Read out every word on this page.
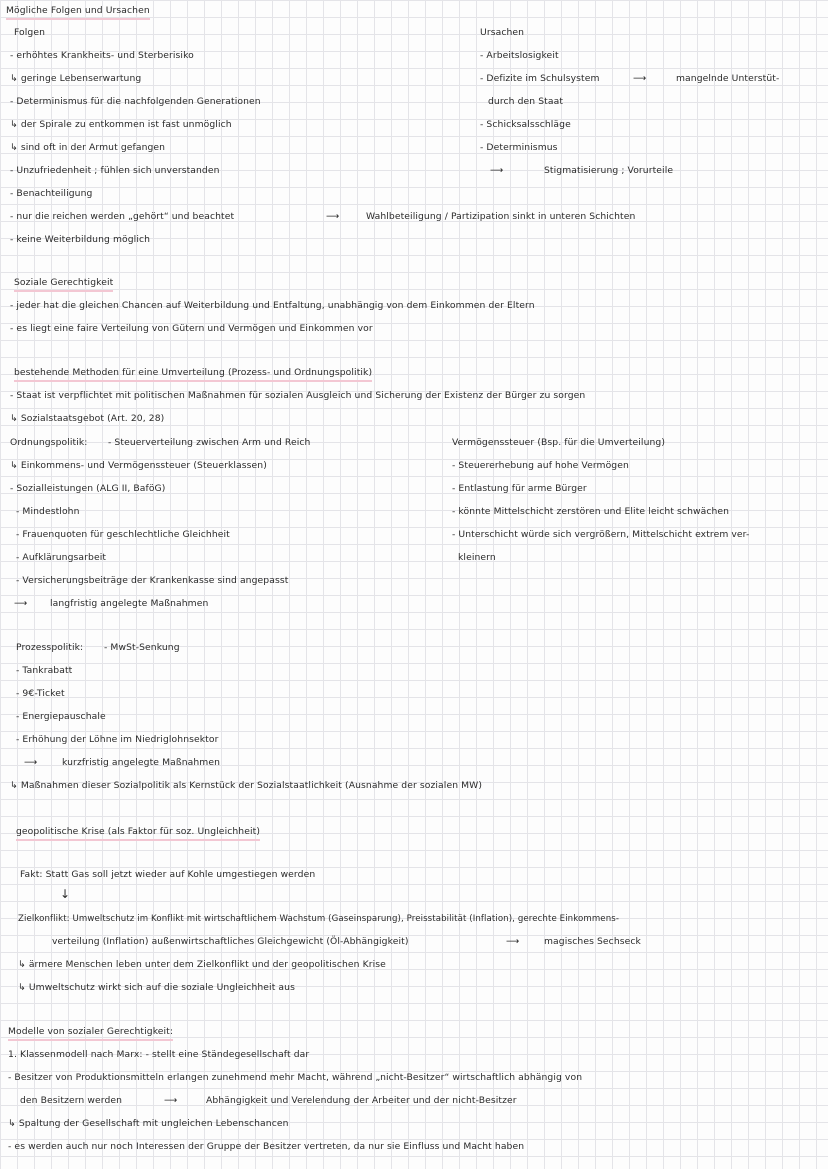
Mögliche Folgen und Ursachen
Folgen
- erhöhtes Krankheits- und Sterberisiko
↳ geringe Lebenserwartung
- Determinismus für die nachfolgenden Generationen
↳ der Spirale zu entkommen ist fast unmöglich
↳ sind oft in der Armut gefangen
- Unzufriedenheit ; fühlen sich unverstanden
- Benachteiligung
- nur die reichen werden „gehört“ und beachtet	⟶	Wahlbeteiligung / Partizipation sinkt in unteren Schichten
- keine Weiterbildung möglich
Ursachen
- Arbeitslosigkeit
- Defizite im Schulsystem	⟶	mangelnde Unterstüt-
durch den Staat
- Schicksalsschläge
- Determinismus
⟶	Stigmatisierung ; Vorurteile
Soziale Gerechtigkeit
- jeder hat die gleichen Chancen auf Weiterbildung und Entfaltung, unabhängig von dem Einkommen der Eltern
- es liegt eine faire Verteilung von Gütern und Vermögen und Einkommen vor
bestehende Methoden für eine Umverteilung (Prozess- und Ordnungspolitik)
- Staat ist verpflichtet mit politischen Maßnahmen für sozialen Ausgleich und Sicherung der Existenz der Bürger zu sorgen
↳ Sozialstaatsgebot (Art. 20, 28)
Ordnungspolitik: - Steuerverteilung zwischen Arm und Reich
↳ Einkommens- und Vermögenssteuer (Steuerklassen)
- Sozialleistungen (ALG II, BaföG)
- Mindestlohn
- Frauenquoten für geschlechtliche Gleichheit
- Aufklärungsarbeit
- Versicherungsbeiträge der Krankenkasse sind angepasst
⟶ langfristig angelegte Maßnahmen
Vermögenssteuer (Bsp. für die Umverteilung)
- Steuererhebung auf hohe Vermögen
- Entlastung für arme Bürger
- könnte Mittelschicht zerstören und Elite leicht schwächen
- Unterschicht würde sich vergrößern, Mittelschicht extrem ver-
kleinern
Prozesspolitik: - MwSt-Senkung
- Tankrabatt
- 9€-Ticket
- Energiepauschale
- Erhöhung der Löhne im Niedriglohnsektor
⟶	kurzfristig angelegte Maßnahmen
↳ Maßnahmen dieser Sozialpolitik als Kernstück der Sozialstaatlichkeit (Ausnahme der sozialen MW)
geopolitische Krise (als Faktor für soz. Ungleichheit)
Fakt: Statt Gas soll jetzt wieder auf Kohle umgestiegen werden
↓
Zielkonflikt: Umweltschutz im Konflikt mit wirtschaftlichem Wachstum (Gaseinsparung), Preisstabilität (Inflation), gerechte Einkommens-
verteilung (Inflation) außenwirtschaftliches Gleichgewicht (Öl-Abhängigkeit)	⟶	magisches Sechseck
↳ ärmere Menschen leben unter dem Zielkonflikt und der geopolitischen Krise
↳ Umweltschutz wirkt sich auf die soziale Ungleichheit aus
Modelle von sozialer Gerechtigkeit:
1. Klassenmodell nach Marx: - stellt eine Ständegesellschaft dar
- Besitzer von Produktionsmitteln erlangen zunehmend mehr Macht, während „nicht-Besitzer“ wirtschaftlich abhängig von
den Besitzern werden	⟶	Abhängigkeit und Verelendung der Arbeiter und der nicht-Besitzer
↳ Spaltung der Gesellschaft mit ungleichen Lebenschancen
- es werden auch nur noch Interessen der Gruppe der Besitzer vertreten, da nur sie Einfluss und Macht haben
